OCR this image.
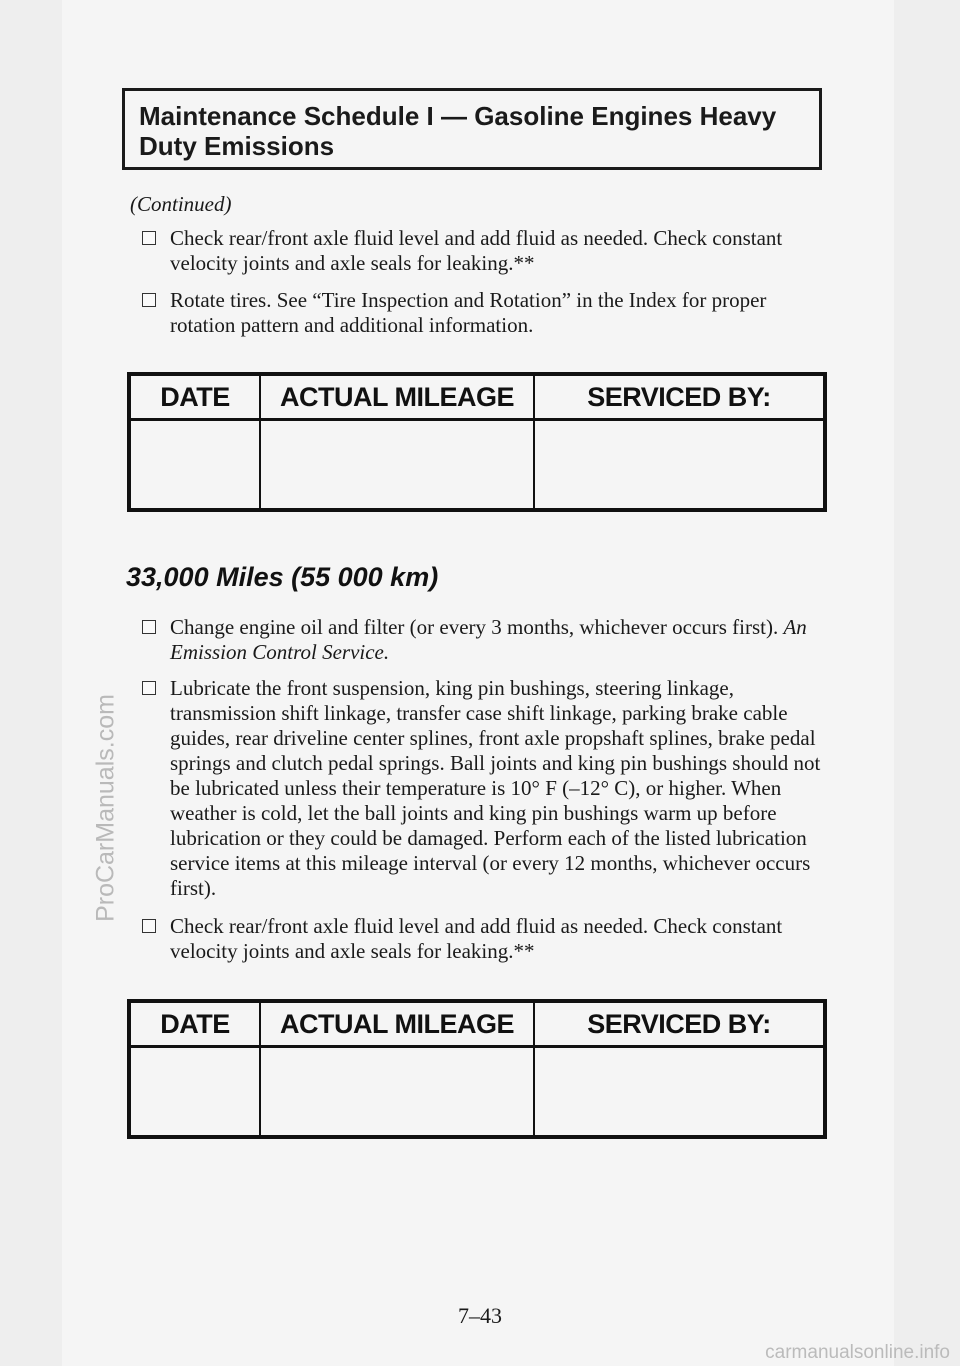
Maintenance Schedule I — Gasoline Engines Heavy Duty Emissions
(Continued)
Check rear/front axle fluid level and add fluid as needed. Check constant velocity joints and axle seals for leaking.**
Rotate tires. See “Tire Inspection and Rotation” in the Index for proper rotation pattern and additional information.
DATE	ACTUAL MILEAGE	SERVICED BY:

33,000 Miles (55 000 km)
Change engine oil and filter (or every 3 months, whichever occurs first). An Emission Control Service.
Lubricate the front suspension, king pin bushings, steering linkage, transmission shift linkage, transfer case shift linkage, parking brake cable guides, rear driveline center splines, front axle propshaft splines, brake pedal springs and clutch pedal springs. Ball joints and king pin bushings should not be lubricated unless their temperature is 10° F (–12° C), or higher. When weather is cold, let the ball joints and king pin bushings warm up before lubrication or they could be damaged. Perform each of the listed lubrication service items at this mileage interval (or every 12 months, whichever occurs first).
Check rear/front axle fluid level and add fluid as needed. Check constant velocity joints and axle seals for leaking.**
DATE	ACTUAL MILEAGE	SERVICED BY:

7–43
ProCarManuals.com
carmanualsonline.info
